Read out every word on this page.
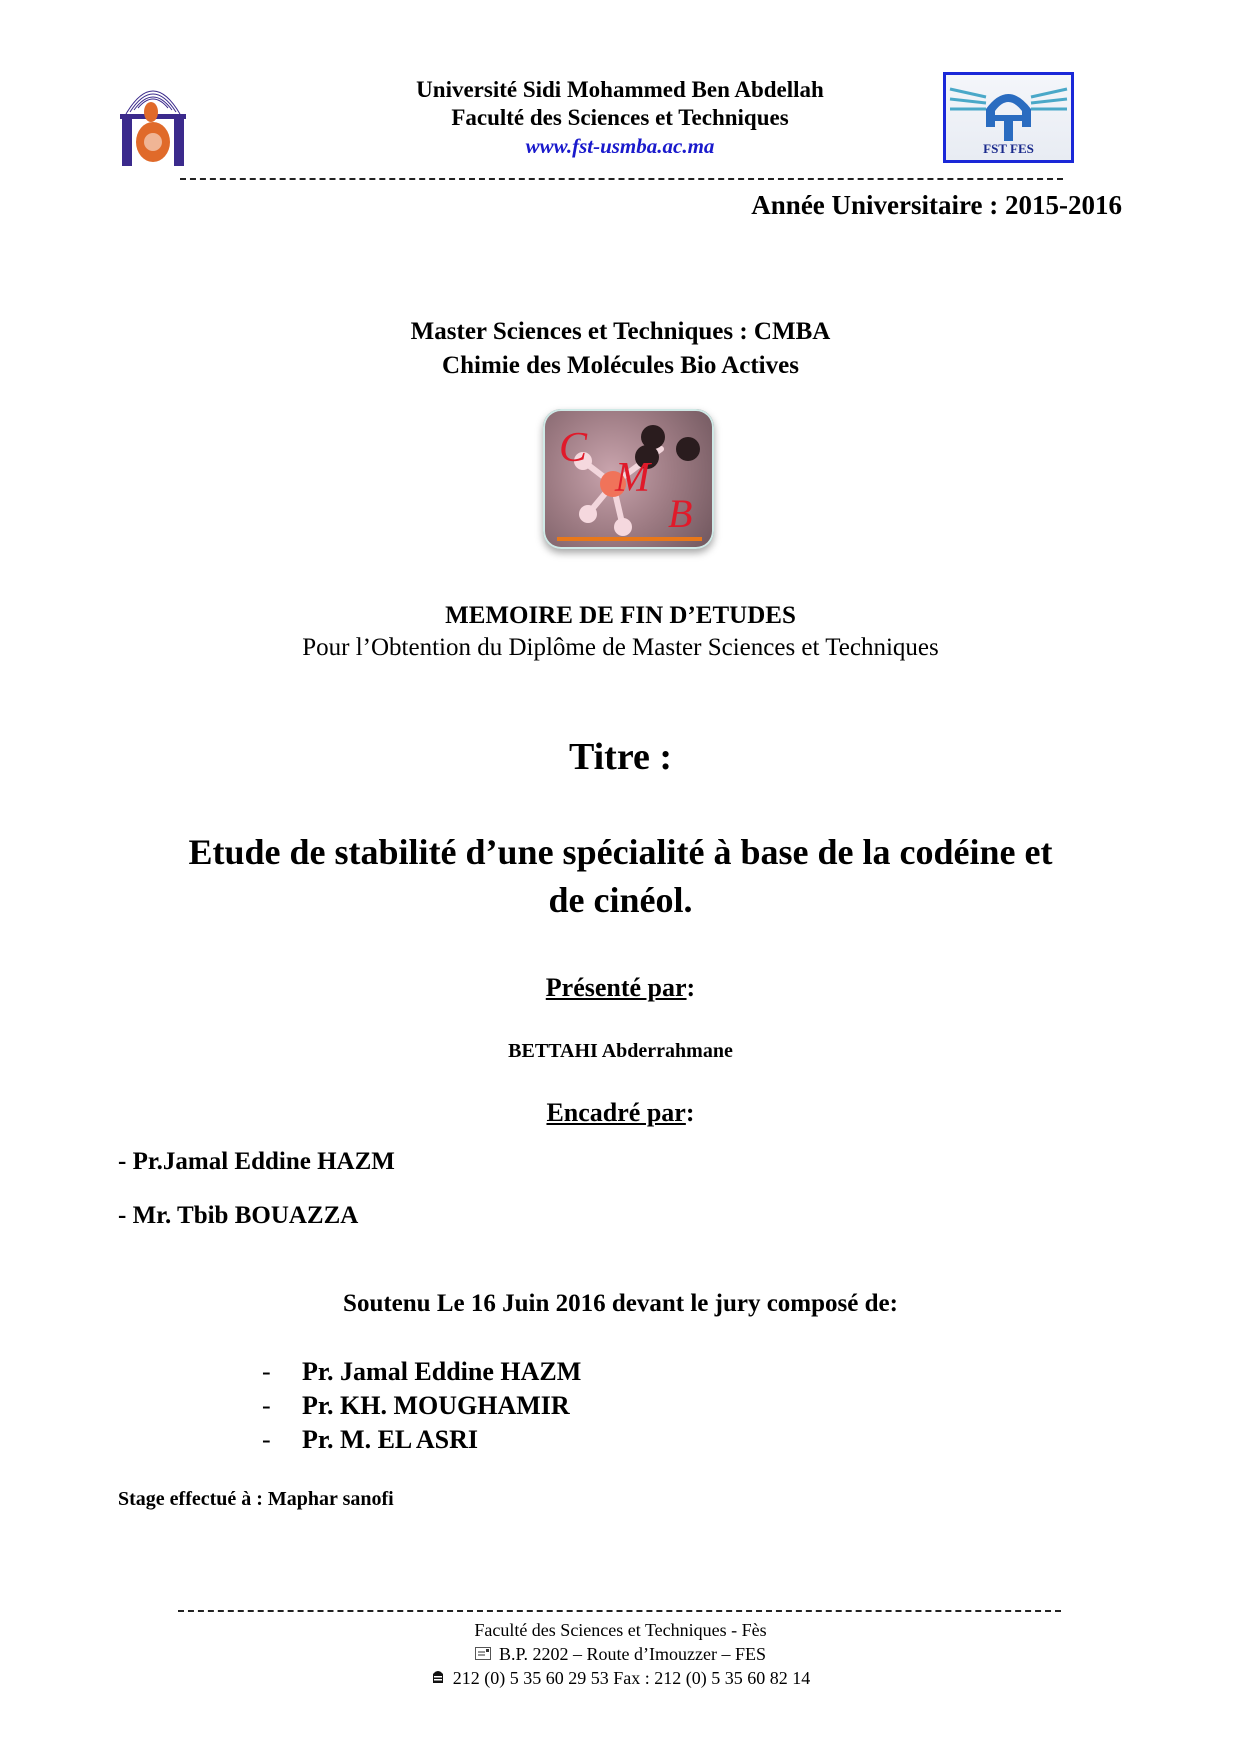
Université Sidi Mohammed Ben Abdellah
Faculté des Sciences et Techniques
www.fst-usmba.ac.ma	FST FES
Année Universitaire : 2015-2016
Master Sciences et Techniques : CMBA
Chimie des Molécules Bio Actives
C
M
B
MEMOIRE DE FIN D’ETUDES
Pour l’Obtention du Diplôme de Master Sciences et Techniques
Titre :
Etude de stabilité d’une spécialité à base de la codéine et
de cinéol.
Présenté par:
BETTAHI Abderrahmane
Encadré par:
- Pr.Jamal Eddine HAZM
- Mr. Tbib BOUAZZA
Soutenu Le 16 Juin 2016 devant le jury composé de:
- Pr. Jamal Eddine HAZM
- Pr. KH. MOUGHAMIR
- Pr. M. EL ASRI
Stage effectué à : Maphar sanofi
Faculté des Sciences et Techniques - Fès
B.P. 2202 – Route d’Imouzzer – FES
212 (0) 5 35 60 29 53 Fax : 212 (0) 5 35 60 82 14
